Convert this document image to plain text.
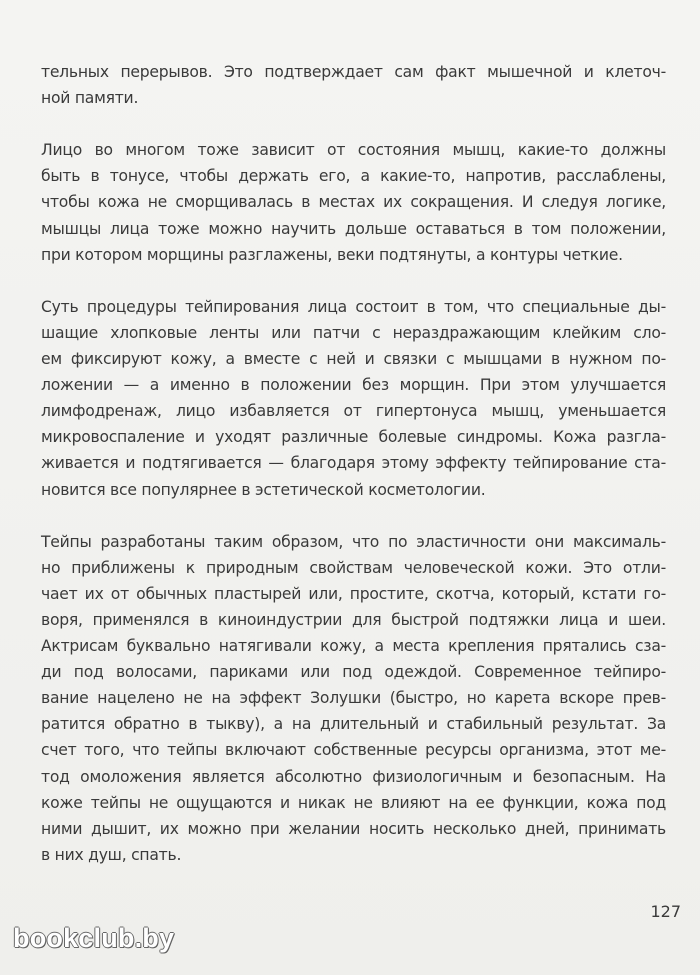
тельных перерывов. Это подтверждает сам факт мышечной и клеточ-
ной памяти.
Лицо во многом тоже зависит от состояния мышц, какие-то должны
быть в тонусе, чтобы держать его, а какие-то, напротив, расслаблены,
чтобы кожа не сморщивалась в местах их сокращения. И следуя логике,
мышцы лица тоже можно научить дольше оставаться в том положении,
при котором морщины разглажены, веки подтянуты, а контуры четкие.
Суть процедуры тейпирования лица состоит в том, что специальные ды-
шащие хлопковые ленты или патчи с нераздражающим клейким сло-
ем фиксируют кожу, а вместе с ней и связки с мышцами в нужном по-
ложении — а именно в положении без морщин. При этом улучшается
лимфодренаж, лицо избавляется от гипертонуса мышц, уменьшается
микровоспаление и уходят различные болевые синдромы. Кожа разгла-
живается и подтягивается — благодаря этому эффекту тейпирование ста-
новится все популярнее в эстетической косметологии.
Тейпы разработаны таким образом, что по эластичности они максималь-
но приближены к природным свойствам человеческой кожи. Это отли-
чает их от обычных пластырей или, простите, скотча, который, кстати го-
воря, применялся в киноиндустрии для быстрой подтяжки лица и шеи.
Актрисам буквально натягивали кожу, а места крепления прятались сза-
ди под волосами, париками или под одеждой. Современное тейпиро-
вание нацелено не на эффект Золушки (быстро, но карета вскоре прев-
ратится обратно в тыкву), а на длительный и стабильный результат. За
счет того, что тейпы включают собственные ресурсы организма, этот ме-
тод омоложения является абсолютно физиологичным и безопасным. На
коже тейпы не ощущаются и никак не влияют на ее функции, кожа под
ними дышит, их можно при желании носить несколько дней, принимать
в них душ, спать.
127
bookclub.by
